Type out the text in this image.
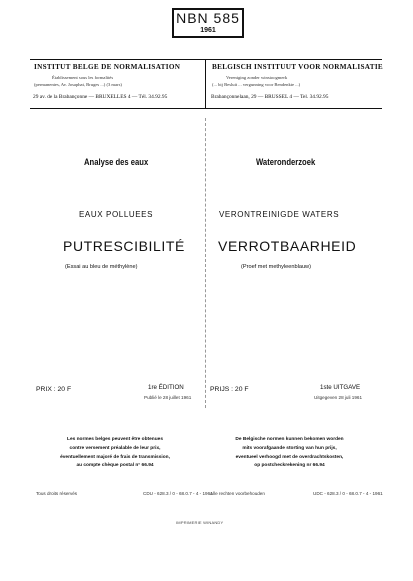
NBN 585
1961
INSTITUT BELGE DE NORMALISATION
Établissement sous les formalités
(permanentes, Av. Josaphat, Bruges ...) (3 mars)
29 av. de la Brabançonne — BRUXELLES 4 — Tél. 34.92.95
BELGISCH INSTITUUT VOOR NORMALISATIE
Vereniging zonder winstoogmerk
(... bij Besluit ... vergunning voor Bendenkte ...)
Brabançonnelaan, 29 — BRUSSEL 4 — Tel. 34.92.95
Analyse des eaux	Wateronderzoek
EAUX POLLUEES	VERONTREINIGDE WATERS
PUTRESCIBILITÉ VERROTBAARHEID
(Essai au bleu de méthylène)	(Proef met methyleenblauw)
PRIX : 20 F	1re ÉDITION
Publié le 28 juillet 1961
PRIJS : 20 F	1ste UITGAVE
Uitgegeven 28 juli 1961
Les normes belges peuvent être obtenues
contre versement préalable de leur prix,
éventuellement majoré de frais de transmission,
au compte chèque postal n° 66.94
De Belgische normen kunnen bekomen worden
mits voorafgaande storting van hun prijs,
eventueel verhoogd met de overdrachtskosten,
op postcheckrekening nr 66.94
Tous droits réservés	CDU - 628.3 / 0 - 68.0.7 - 4 - 1961
Alle rechten voorbehouden	UDC - 628.3 / 0 - 68.0.7 - 4 - 1961
IMPRIMERIE WINANDY
